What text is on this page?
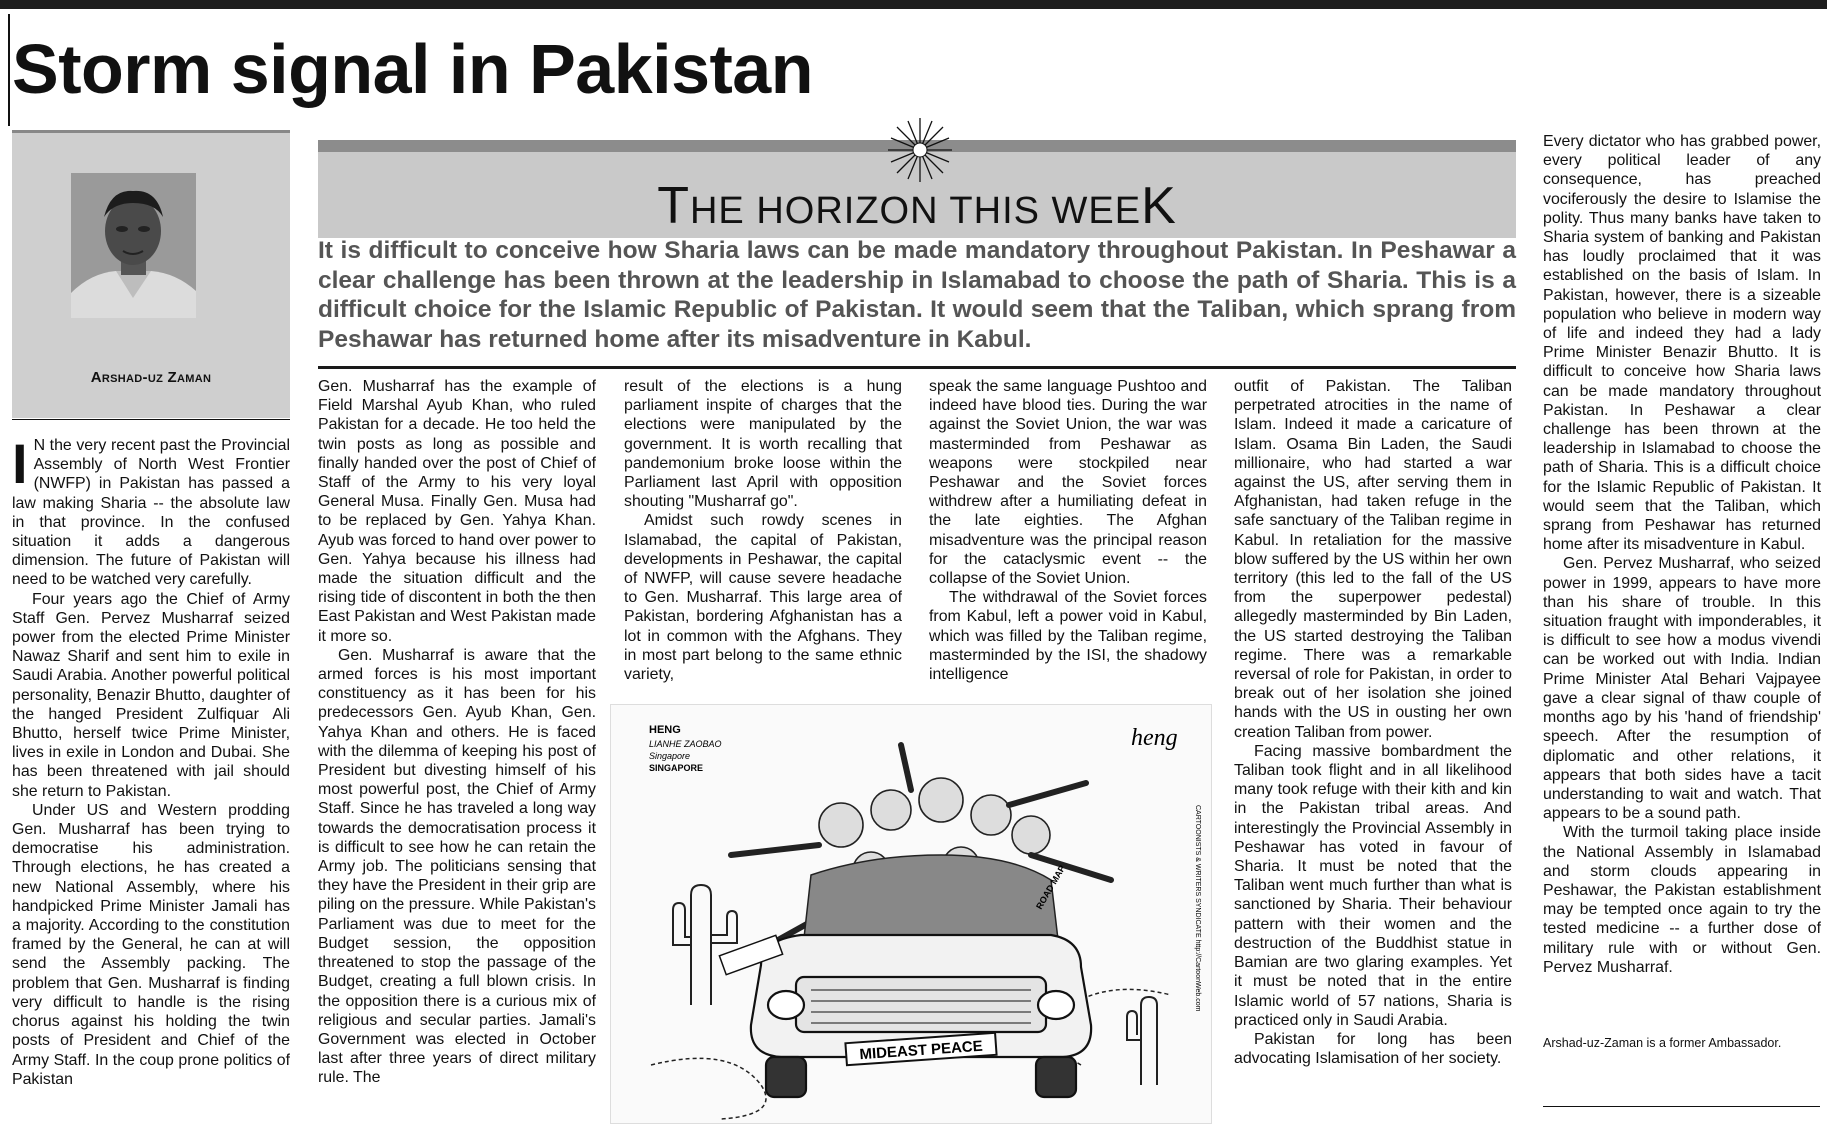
Storm signal in Pakistan
Arshad-uz Zaman

I N the very recent past the Provincial Assembly of North West Frontier (NWFP) in Pakistan has passed a law making Sharia -- the absolute law in that province. In the confused situation it adds a dangerous dimension. The future of Pakistan will need to be watched very carefully.

Four years ago the Chief of Army Staff Gen. Pervez Musharraf seized power from the elected Prime Minister Nawaz Sharif and sent him to exile in Saudi Arabia. Another powerful political personality, Benazir Bhutto, daughter of the hanged President Zulfiquar Ali Bhutto, herself twice Prime Minister, lives in exile in London and Dubai. She has been threatened with jail should she return to Pakistan.

Under US and Western prodding Gen. Musharraf has been trying to democratise his administration. Through elections, he has created a new National Assembly, where his handpicked Prime Minister Jamali has a majority. According to the constitution framed by the General, he can at will send the Assembly packing. The problem that Gen. Musharraf is finding very difficult to handle is the rising chorus against his holding the twin posts of President and Chief of the Army Staff. In the coup prone politics of Pakistan

THE HORIZON THIS WEEK
It is difficult to conceive how Sharia laws can be made mandatory throughout Pakistan. In Peshawar a clear challenge has been thrown at the leadership in Islamabad to choose the path of Sharia. This is a difficult choice for the Islamic Republic of Pakistan. It would seem that the Taliban, which sprang from Peshawar has returned home after its misadventure in Kabul.

Gen. Musharraf has the example of Field Marshal Ayub Khan, who ruled Pakistan for a decade. He too held the twin posts as long as possible and finally handed over the post of Chief of Staff of the Army to his very loyal General Musa. Finally Gen. Musa had to be replaced by Gen. Yahya Khan. Ayub was forced to hand over power to Gen. Yahya because his illness had made the situation difficult and the rising tide of discontent in both the then East Pakistan and West Pakistan made it more so.

Gen. Musharraf is aware that the armed forces is his most important constituency as it has been for his predecessors Gen. Ayub Khan, Gen. Yahya Khan and others. He is faced with the dilemma of keeping his post of President but divesting himself of his most powerful post, the Chief of Army Staff. Since he has traveled a long way towards the democratisation process it is difficult to see how he can retain the Army job. The politicians sensing that they have the President in their grip are piling on the pressure. While Pakistan's Parliament was due to meet for the Budget session, the opposition threatened to stop the passage of the Budget, creating a full blown crisis. In the opposition there is a curious mix of religious and secular parties. Jamali's Government was elected in October last after three years of direct military rule. The

result of the elections is a hung parliament inspite of charges that the elections were manipulated by the government. It is worth recalling that pandemonium broke loose within the Parliament last April with opposition shouting "Musharraf go".

Amidst such rowdy scenes in Islamabad, the capital of Pakistan, developments in Peshawar, the capital of NWFP, will cause severe headache to Gen. Musharraf. This large area of Pakistan, bordering Afghanistan has a lot in common with the Afghans. They in most part belong to the same ethnic variety,

speak the same language Pushtoo and indeed have blood ties. During the war against the Soviet Union, the war was masterminded from Peshawar as weapons were stockpiled near Peshawar and the Soviet forces withdrew after a humiliating defeat in the late eighties. The Afghan misadventure was the principal reason for the cataclysmic event -- the collapse of the Soviet Union.

The withdrawal of the Soviet forces from Kabul, left a power void in Kabul, which was filled by the Taliban regime, masterminded by the ISI, the shadowy intelligence

outfit of Pakistan. The Taliban perpetrated atrocities in the name of Islam. Indeed it made a caricature of Islam. Osama Bin Laden, the Saudi millionaire, who had started a war against the US, after serving them in Afghanistan, had taken refuge in the safe sanctuary of the Taliban regime in Kabul. In retaliation for the massive blow suffered by the US within her own territory (this led to the fall of the US from the superpower pedestal) allegedly masterminded by Bin Laden, the US started destroying the Taliban regime. There was a remarkable reversal of role for Pakistan, in order to break out of her isolation she joined hands with the US in ousting her own creation Taliban from power.

Facing massive bombardment the Taliban took flight and in all likelihood many took refuge with their kith and kin in the Pakistan tribal areas. And interestingly the Provincial Assembly in Peshawar has voted in favour of Sharia. It must be noted that the Taliban went much further than what is sanctioned by Sharia. Their behaviour pattern with their women and the destruction of the Buddhist statue in Bamian are two glaring examples. Yet it must be noted that in the entire Islamic world of 57 nations, Sharia is practiced only in Saudi Arabia.

Pakistan for long has been advocating Islamisation of her society.

Every dictator who has grabbed power, every political leader of any consequence, has preached vociferously the desire to Islamise the polity. Thus many banks have taken to Sharia system of banking and Pakistan has loudly proclaimed that it was established on the basis of Islam. In Pakistan, however, there is a sizeable population who believe in modern way of life and indeed they had a lady Prime Minister Benazir Bhutto. It is difficult to conceive how Sharia laws can be made mandatory throughout Pakistan. In Peshawar a clear challenge has been thrown at the leadership in Islamabad to choose the path of Sharia. This is a difficult choice for the Islamic Republic of Pakistan. It would seem that the Taliban, which sprang from Peshawar has returned home after its misadventure in Kabul.

Gen. Pervez Musharraf, who seized power in 1999, appears to have more than his share of trouble. In this situation fraught with imponderables, it is difficult to see how a modus vivendi can be worked out with India. Indian Prime Minister Atal Behari Vajpayee gave a clear signal of thaw couple of months ago by his 'hand of friendship' speech. After the resumption of diplomatic and other relations, it appears that both sides have a tacit understanding to wait and watch. That appears to be a sound path.

With the turmoil taking place inside the National Assembly in Islamabad and storm clouds appearing in Peshawar, the Pakistan establishment may be tempted once again to try the tested medicine -- a further dose of military rule with or without Gen. Pervez Musharraf.

Arshad-uz-Zaman is a former Ambassador.
HENG
LIANHE ZAOBAO
Singapore
SINGAPORE
heng
CARTOONISTS & WRITERS SYNDICATE http://CartoonWeb.com
MIDEAST PEACE
ROAD MAP
